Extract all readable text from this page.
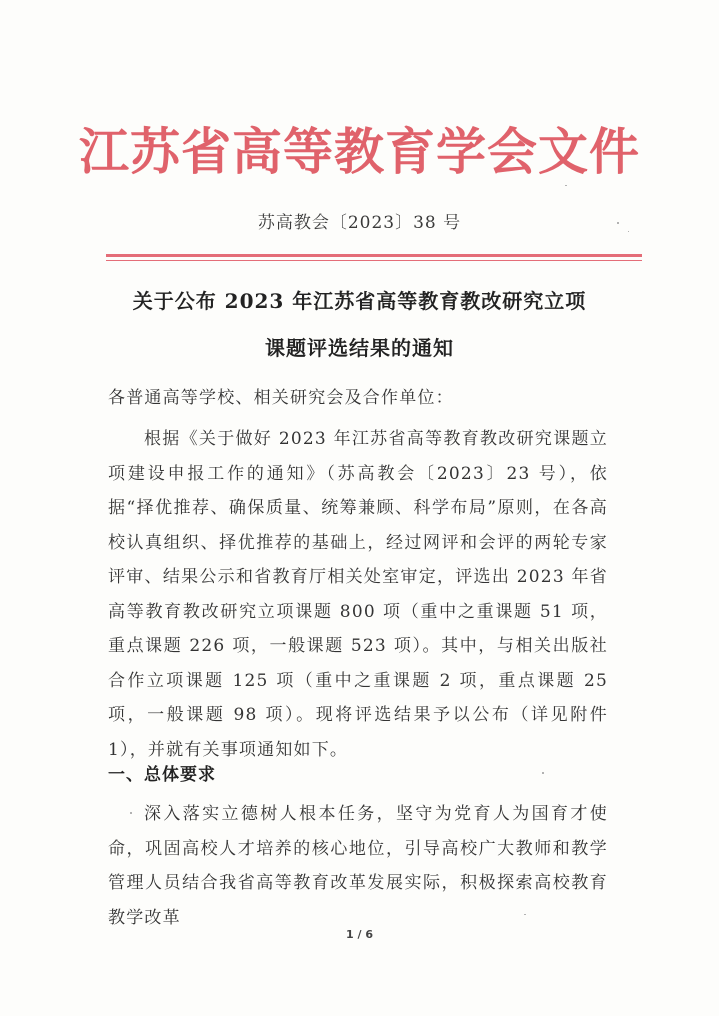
江苏省高等教育学会文件
苏高教会〔2023〕38 号
关于公布 2023 年江苏省高等教育教改研究立项
课题评选结果的通知
各普通高等学校、相关研究会及合作单位：
根据《关于做好 2023 年江苏省高等教育教改研究课题立项建设申报工作的通知》（苏高教会〔2023〕23 号），依据“择优推荐、确保质量、统筹兼顾、科学布局”原则，在各高校认真组织、择优推荐的基础上，经过网评和会评的两轮专家评审、结果公示和省教育厅相关处室审定，评选出 2023 年省高等教育教改研究立项课题 800 项（重中之重课题 51 项，重点课题 226 项，一般课题 523 项）。其中，与相关出版社合作立项课题 125 项（重中之重课题 2 项，重点课题 25 项，一般课题 98 项）。现将评选结果予以公布（详见附件 1），并就有关事项通知如下。
一、总体要求
深入落实立德树人根本任务，坚守为党育人为国育才使命，巩固高校人才培养的核心地位，引导高校广大教师和教学管理人员结合我省高等教育改革发展实际，积极探索高校教育教学改革
1 / 6
